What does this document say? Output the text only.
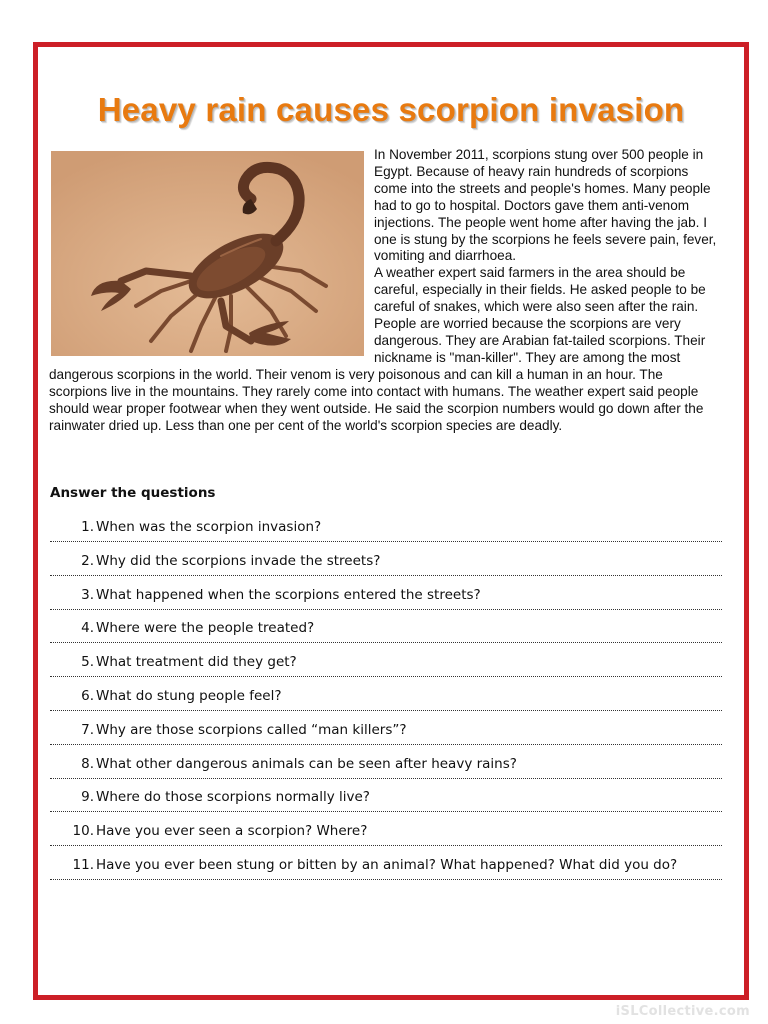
Heavy rain causes scorpion invasion

In November 2011, scorpions stung over 500 people in Egypt. Because of heavy rain hundreds of scorpions come into the streets and people's homes. Many people had to go to hospital. Doctors gave them anti-venom injections. The people went home after having the jab. I one is stung by the scorpions he feels severe pain, fever, vomiting and diarrhoea.

A weather expert said farmers in the area should be careful, especially in their fields. He asked people to be careful of snakes, which were also seen after the rain.

People are worried because the scorpions are very dangerous. They are Arabian fat-tailed scorpions. Their nickname is "man-killer". They are among the most dangerous scorpions in the world. Their venom is very poisonous and can kill a human in an hour. The scorpions live in the mountains. They rarely come into contact with humans. The weather expert said people should wear proper footwear when they went outside. He said the scorpion numbers would go down after the rainwater dried up. Less than one per cent of the world's scorpion species are deadly.

Answer the questions
1. When was the scorpion invasion?
2. Why did the scorpions invade the streets?
3. What happened when the scorpions entered the streets?
4. Where were the people treated?
5. What treatment did they get?
6. What do stung people feel?
7. Why are those scorpions called “man killers”?
8. What other dangerous animals can be seen after heavy rains?
9. Where do those scorpions normally live?
10. Have you ever seen a scorpion? Where?
11. Have you ever been stung or bitten by an animal? What happened? What did you do?
iSLCollective.com
